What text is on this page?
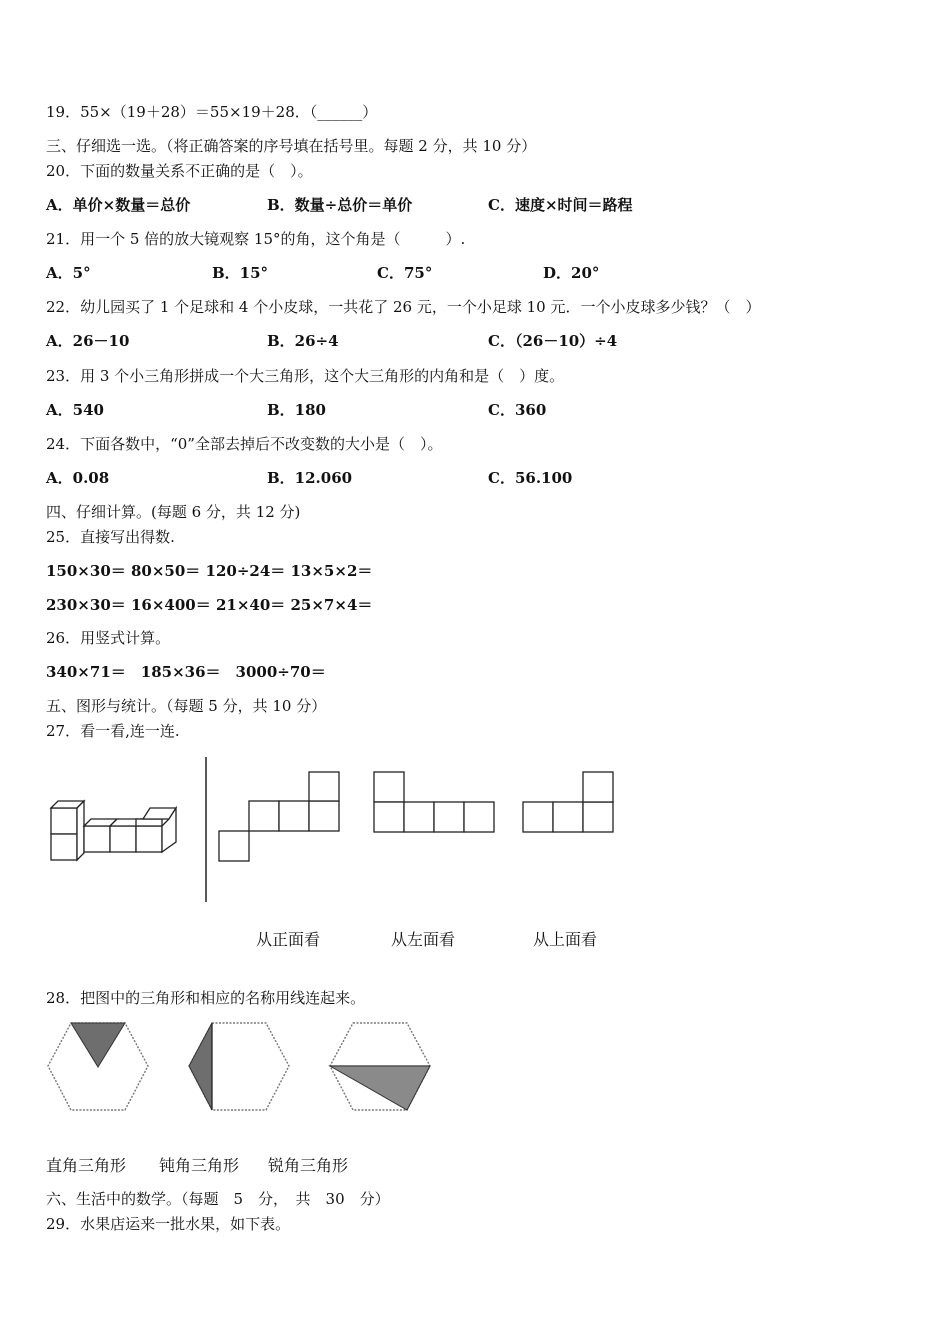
19．55×（19＋28）＝55×19＋28．（______）
三、仔细选一选。（将正确答案的序号填在括号里。每题 2 分，共 10 分）
20．下面的数量关系不正确的是（　）。
A．单价×数量＝总价	B．数量÷总价＝单价	C．速度×时间＝路程
21．用一个 5 倍的放大镜观察 15°的角，这个角是（　　　）.
A．5°	B．15°	C．75°	D．20°
22．幼儿园买了 1 个足球和 4 个小皮球，一共花了 26 元，一个小足球 10 元．一个小皮球多少钱？（　）
A．26－10	B．26÷4	C．（26－10）÷4
23．用 3 个小三角形拼成一个大三角形，这个大三角形的内角和是（　）度。
A．540	B．180	C．360
24．下面各数中，“0”全部去掉后不改变数的大小是（　）。
A．0.08	B．12.060	C．56.100
四、仔细计算。(每题 6 分，共 12 分)
25．直接写出得数.
150×30＝ 80×50＝ 120÷24＝ 13×5×2＝
230×30＝ 16×400＝ 21×40＝ 25×7×4＝
26．用竖式计算。
340×71＝　185×36＝　3000÷70＝
五、图形与统计。（每题 5 分，共 10 分）
27．看一看,连一连.
从正面看	从左面看	从上面看
28．把图中的三角形和相应的名称用线连起来。
直角三角形 钝角三角形 锐角三角形
六、生活中的数学。（每题　5　分，　共　30　分）
29．水果店运来一批水果，如下表。
